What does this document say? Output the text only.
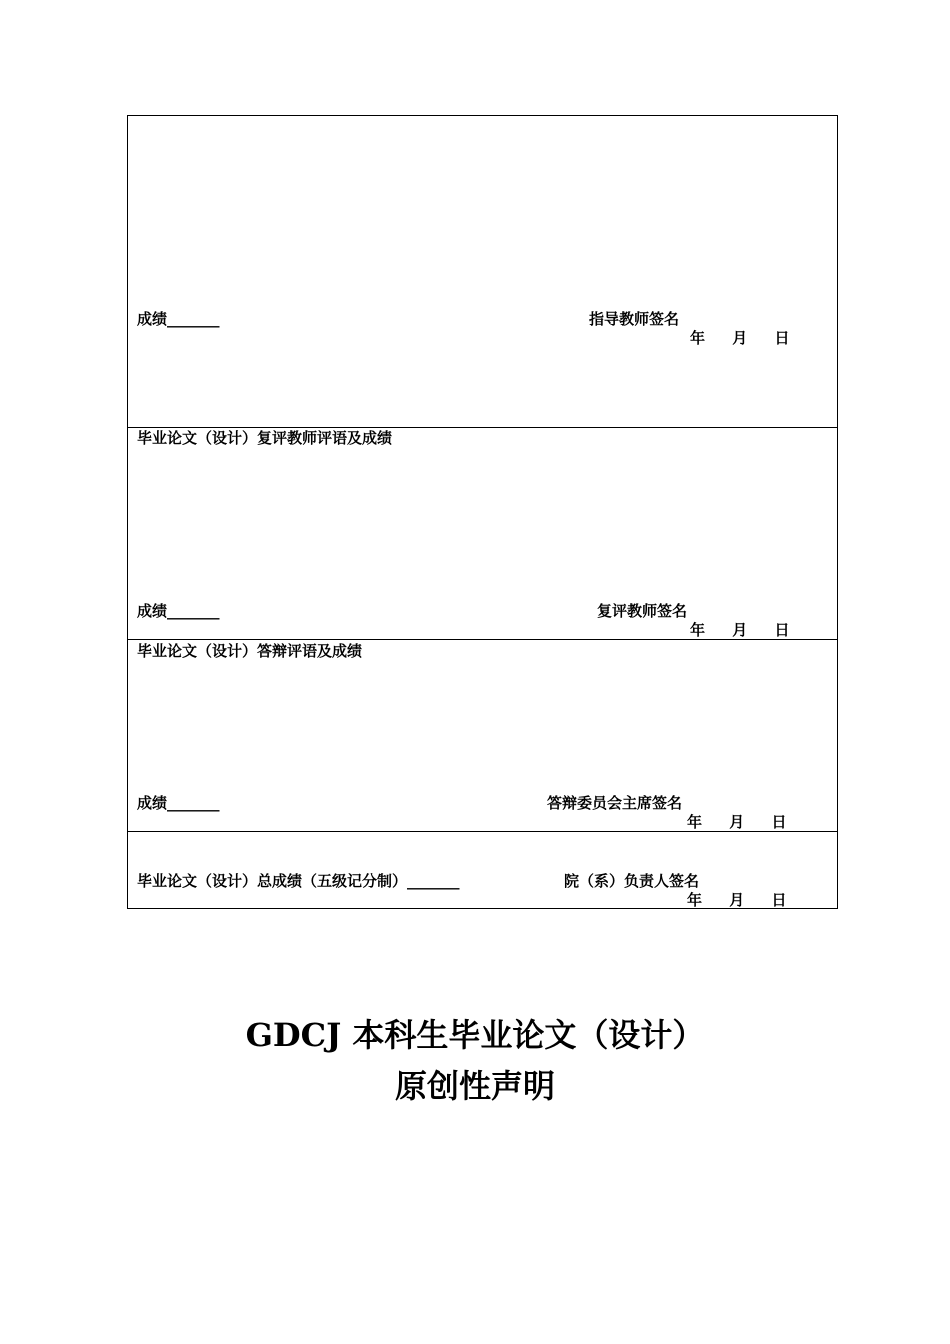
成绩_______	指导教师签名
年 月 日
毕业论文（设计）复评教师评语及成绩
成绩_______	复评教师签名
年 月 日
毕业论文（设计）答辩评语及成绩
成绩_______	答辩委员会主席签名
年 月 日
毕业论文（设计）总成绩（五级记分制）_______	院（系）负责人签名
年 月 日
GDCJ 本科生毕业论文（设计）
原创性声明
